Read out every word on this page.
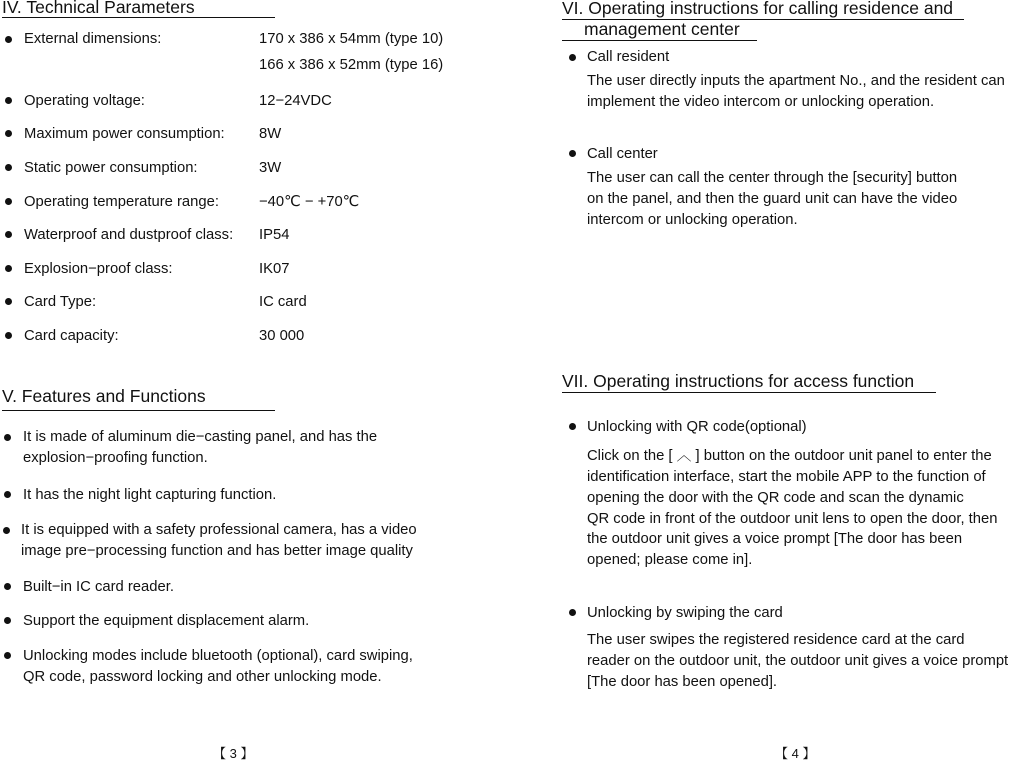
IV. Technical Parameters
External dimensions:	170 x 386 x 54mm (type 10)
166 x 386 x 52mm (type 16)
Operating voltage:	12−24VDC
Maximum power consumption: 8W
Static power consumption:	3W
Operating temperature range:	−40℃ − +70℃
Waterproof and dustproof class: IP54
Explosion−proof class:	IK07
Card Type:	IC card
Card capacity:	30 000
V. Features and Functions
It is made of aluminum die−casting panel, and has the
explosion−proofing function.
It has the night light capturing function.
It is equipped with a safety professional camera, has a video
image pre−processing function and has better image quality
Built−in IC card reader.
Support the equipment displacement alarm.
Unlocking modes include bluetooth (optional), card swiping,
QR code, password locking and other unlocking mode.
【 3 】
VI. Operating instructions for calling residence and
management center
Call resident
The user directly inputs the apartment No., and the resident can
implement the video intercom or unlocking operation.
Call center
The user can call the center through the [security] button
on the panel, and then the guard unit can have the video
intercom or unlocking operation.
VII. Operating instructions for access function
Unlocking with QR code(optional)
Click on the [ ︿ ] button on the outdoor unit panel to enter the
identification interface, start the mobile APP to the function of
opening the door with the QR code and scan the dynamic
QR code in front of the outdoor unit lens to open the door, then
the outdoor unit gives a voice prompt [The door has been
opened; please come in].
Unlocking by swiping the card
The user swipes the registered residence card at the card
reader on the outdoor unit, the outdoor unit gives a voice prompt
[The door has been opened].
【 4 】
